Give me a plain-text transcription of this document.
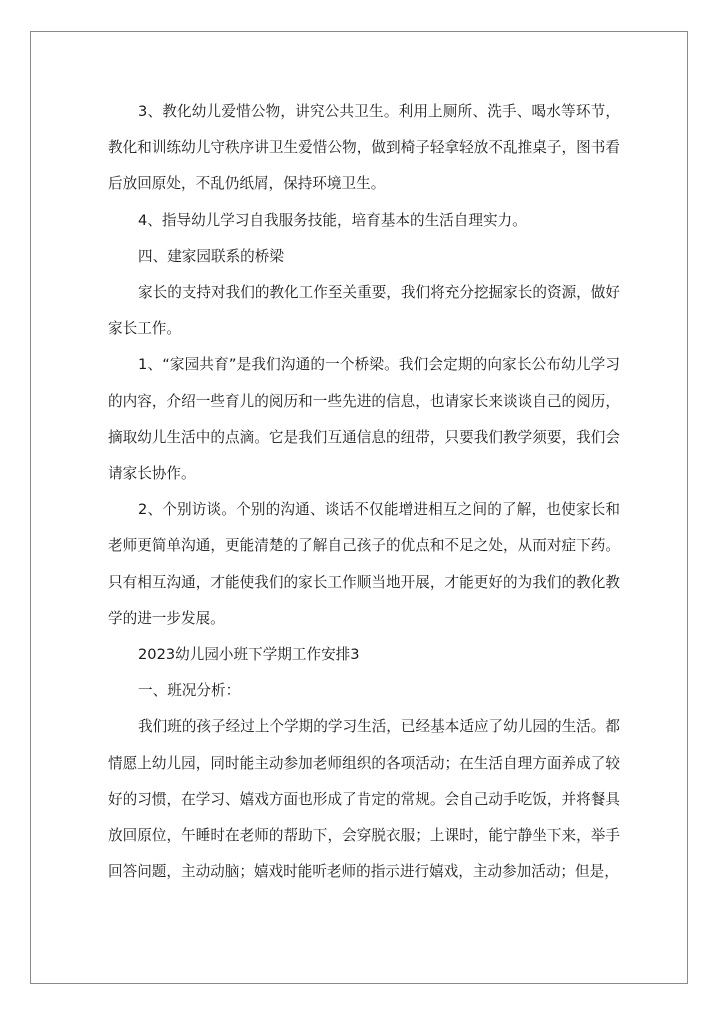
3、教化幼儿爱惜公物，讲究公共卫生。利用上厕所、洗手、喝水等环节，教化和训练幼儿守秩序讲卫生爱惜公物，做到椅子轻拿轻放不乱推桌子，图书看后放回原处，不乱仍纸屑，保持环境卫生。

4、指导幼儿学习自我服务技能，培育基本的生活自理实力。

四、建家园联系的桥梁

家长的支持对我们的教化工作至关重要，我们将充分挖掘家长的资源，做好家长工作。

1、“家园共育”是我们沟通的一个桥梁。我们会定期的向家长公布幼儿学习的内容，介绍一些育儿的阅历和一些先进的信息，也请家长来谈谈自己的阅历，摘取幼儿生活中的点滴。它是我们互通信息的纽带，只要我们教学须要，我们会请家长协作。

2、个别访谈。个别的沟通、谈话不仅能增进相互之间的了解，也使家长和老师更简单沟通，更能清楚的了解自己孩子的优点和不足之处，从而对症下药。只有相互沟通，才能使我们的家长工作顺当地开展，才能更好的为我们的教化教学的进一步发展。

2023幼儿园小班下学期工作安排3

一、班况分析：

我们班的孩子经过上个学期的学习生活，已经基本适应了幼儿园的生活。都情愿上幼儿园，同时能主动参加老师组织的各项活动；在生活自理方面养成了较好的习惯，在学习、嬉戏方面也形成了肯定的常规。会自己动手吃饭，并将餐具放回原位，午睡时在老师的帮助下，会穿脱衣服；上课时，能宁静坐下来，举手回答问题，主动动脑；嬉戏时能听老师的指示进行嬉戏，主动参加活动；但是，
